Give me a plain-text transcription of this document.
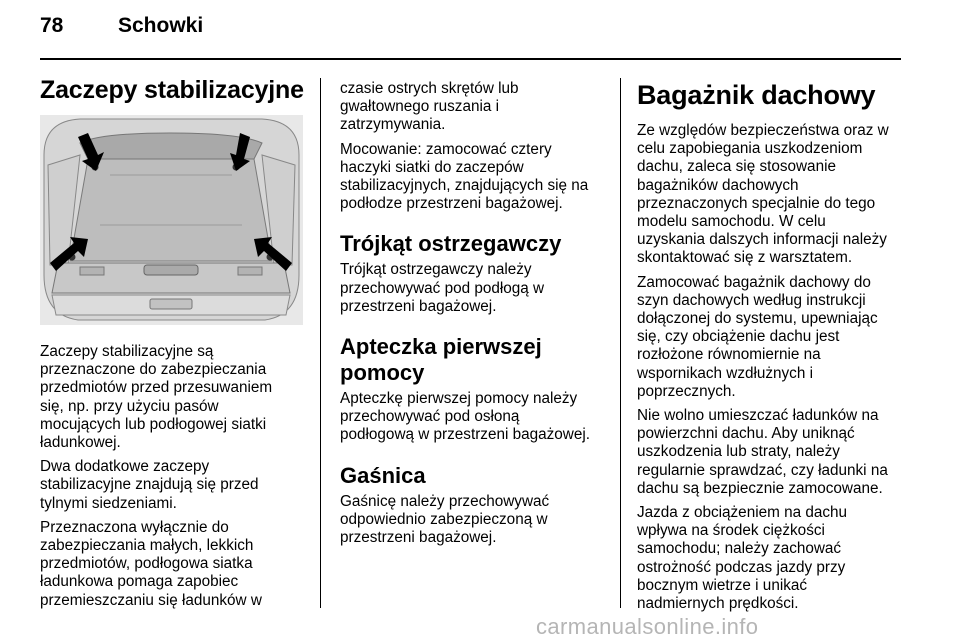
78	Schowki
Zaczepy stabilizacyjne

Zaczepy stabilizacyjne są
przeznaczone do zabezpieczania
przedmiotów przed przesuwaniem
się, np. przy użyciu pasów
mocujących lub podłogowej siatki
ładunkowej.

Dwa dodatkowe zaczepy
stabilizacyjne znajdują się przed
tylnymi siedzeniami.

Przeznaczona wyłącznie do
zabezpieczania małych, lekkich
przedmiotów, podłogowa siatka
ładunkowa pomaga zapobiec
przemieszczaniu się ładunków w

czasie ostrych skrętów lub
gwałtownego ruszania i
zatrzymywania.

Mocowanie: zamocować cztery
haczyki siatki do zaczepów
stabilizacyjnych, znajdujących się na
podłodze przestrzeni bagażowej.

Trójkąt ostrzegawczy

Trójkąt ostrzegawczy należy
przechowywać pod podłogą w
przestrzeni bagażowej.

Apteczka pierwszej
pomocy

Apteczkę pierwszej pomocy należy
przechowywać pod osłoną
podłogową w przestrzeni bagażowej.

Gaśnica

Gaśnicę należy przechowywać
odpowiednio zabezpieczoną w
przestrzeni bagażowej.

Bagażnik dachowy

Ze względów bezpieczeństwa oraz w
celu zapobiegania uszkodzeniom
dachu, zaleca się stosowanie
bagażników dachowych
przeznaczonych specjalnie do tego
modelu samochodu. W celu
uzyskania dalszych informacji należy
skontaktować się z warsztatem.

Zamocować bagażnik dachowy do
szyn dachowych według instrukcji
dołączonej do systemu, upewniając
się, czy obciążenie dachu jest
rozłożone równomiernie na
wspornikach wzdłużnych i
poprzecznych.

Nie wolno umieszczać ładunków na
powierzchni dachu. Aby uniknąć
uszkodzenia lub straty, należy
regularnie sprawdzać, czy ładunki na
dachu są bezpiecznie zamocowane.

Jazda z obciążeniem na dachu
wpływa na środek ciężkości
samochodu; należy zachować
ostrożność podczas jazdy przy
bocznym wietrze i unikać
nadmiernych prędkości.

carmanualsonline.info
